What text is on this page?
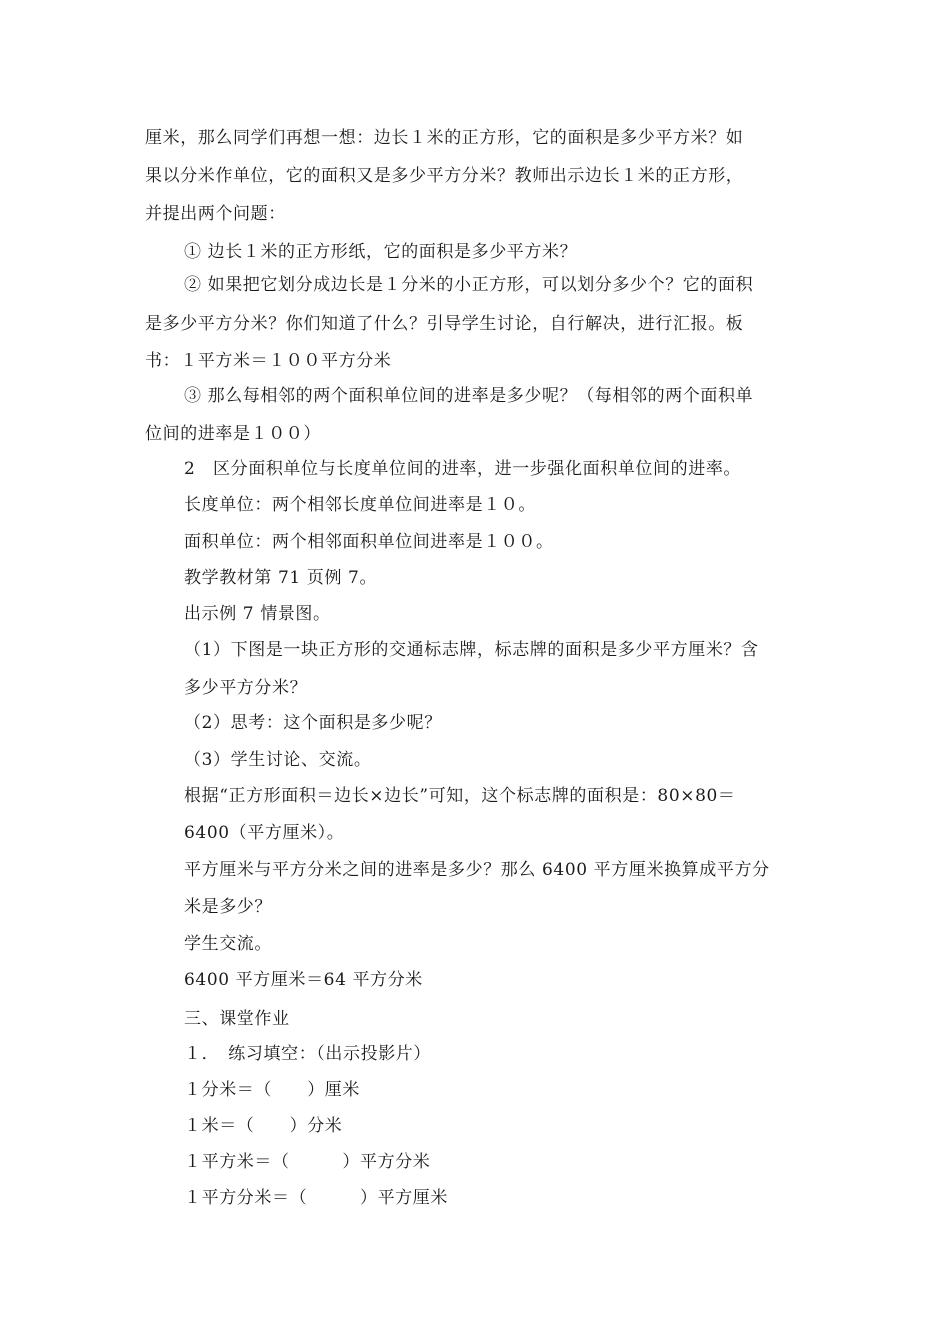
厘米，那么同学们再想一想：边长１米的正方形，它的面积是多少平方米？如
果以分米作单位，它的面积又是多少平方分米？教师出示边长１米的正方形，
并提出两个问题：
① 边长１米的正方形纸，它的面积是多少平方米？
② 如果把它划分成边长是１分米的小正方形，可以划分多少个？它的面积
是多少平方分米？你们知道了什么？引导学生讨论，自行解决，进行汇报。板
书：１平方米＝１００平方分米
③ 那么每相邻的两个面积单位间的进率是多少呢？（每相邻的两个面积单
位间的进率是１００）
2　区分面积单位与长度单位间的进率，进一步强化面积单位间的进率。
长度单位：两个相邻长度单位间进率是１０。
面积单位：两个相邻面积单位间进率是１００。
教学教材第 71 页例 7。
出示例 7 情景图。
（1）下图是一块正方形的交通标志牌，标志牌的面积是多少平方厘米？含
多少平方分米？
（2）思考：这个面积是多少呢？
（3）学生讨论、交流。
根据“正方形面积＝边长×边长”可知，这个标志牌的面积是：80×80＝
6400（平方厘米）。
平方厘米与平方分米之间的进率是多少？那么 6400 平方厘米换算成平方分
米是多少？
学生交流。
6400 平方厘米＝64 平方分米
三、课堂作业
１．　练习填空：（出示投影片）
１分米＝（　　）厘米
１米＝（　　）分米
１平方米＝（　　　）平方分米
１平方分米＝（　　　）平方厘米
